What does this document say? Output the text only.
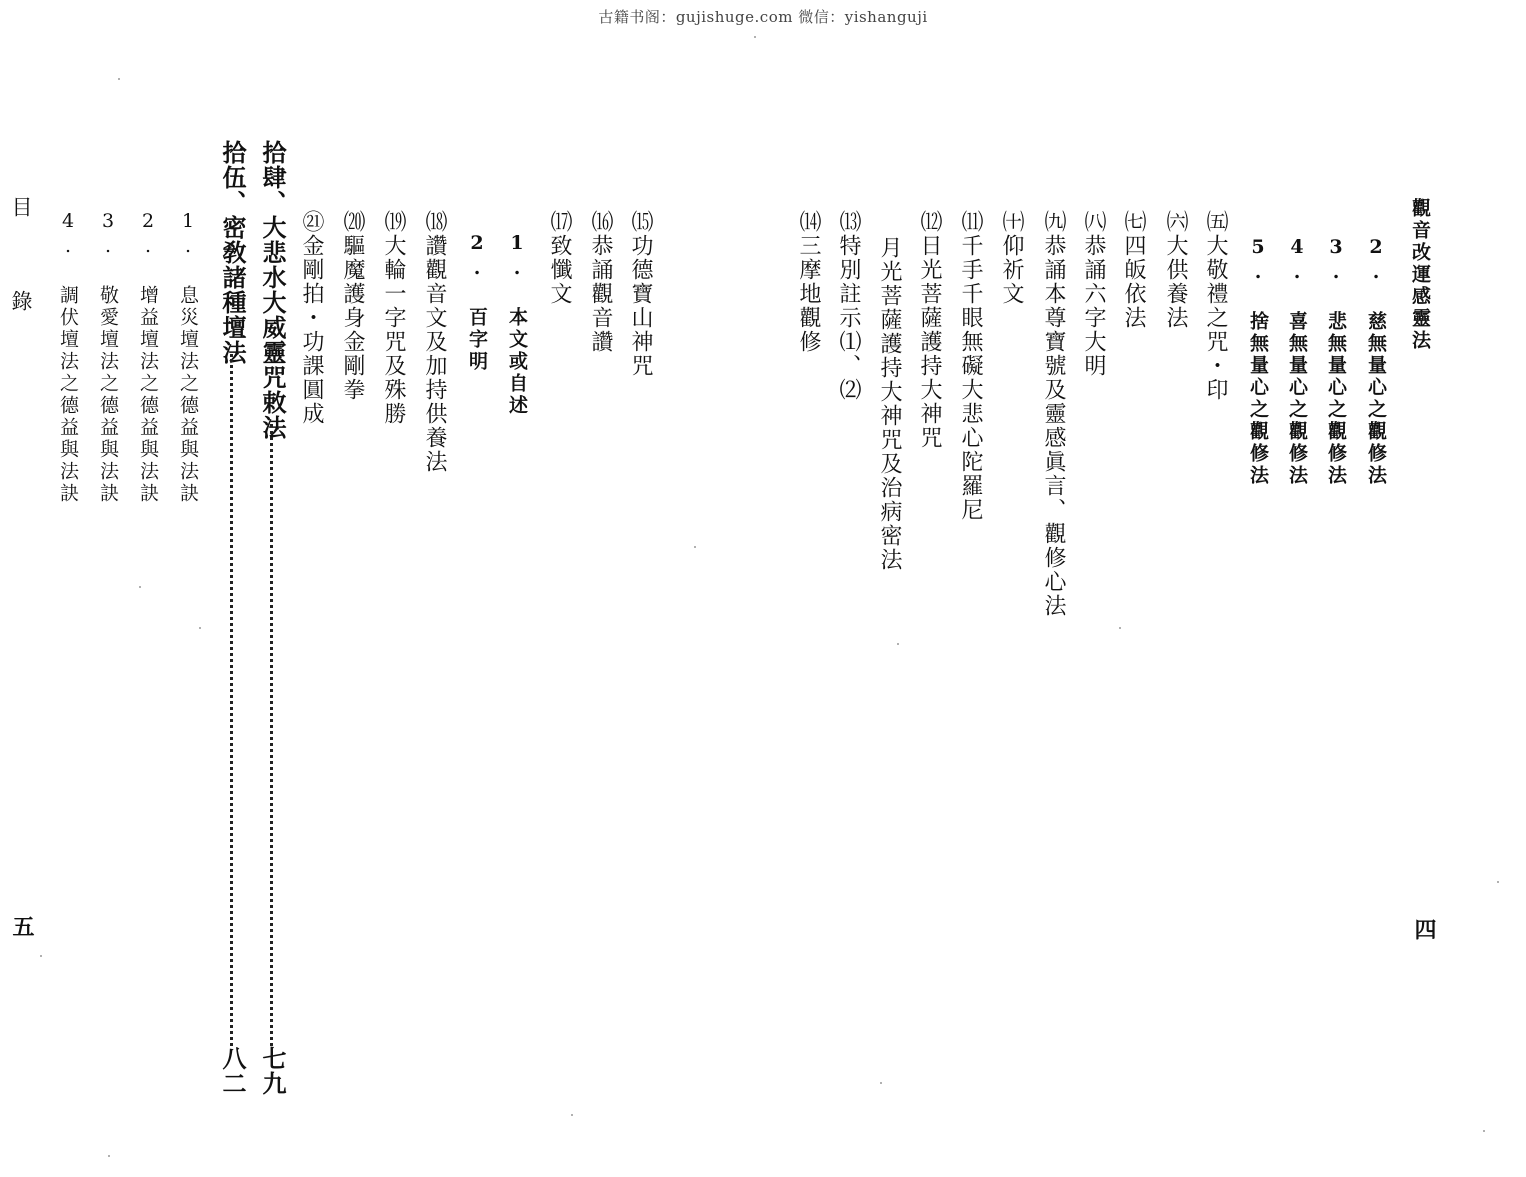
古籍书阁：gujishuge.com 微信：yishanguji
觀音改運感靈法
2. 慈無量心之觀修法
3. 悲無量心之觀修法
4. 喜無量心之觀修法
5. 捨無量心之觀修法
㈤大敬禮之咒・印
㈥大供養法
㈦四皈依法
㈧恭誦六字大明
㈨恭誦本尊寶號及靈感眞言、觀修心法
㈩仰祈文
⑾千手千眼無礙大悲心陀羅尼
⑿日光菩薩護持大神咒
月光菩薩護持大神咒及治病密法
⒀特別註示⑴、⑵
⒁三摩地觀修
四
⒂功德寶山神咒
⒃恭誦觀音讚
⒄致懺文
1. 本文或自述
2. 百字明
⒅讚觀音文及加持供養法
⒆大輪一字咒及殊勝
⒇驅魔護身金剛拳
㉑金剛拍・功課圓成
拾肆、大悲水大威靈咒敕法
七九
拾伍、密敎諸種壇法
八二
1. 息災壇法之德益與法訣
2. 增益壇法之德益與法訣
3. 敬愛壇法之德益與法訣
4. 調伏壇法之德益與法訣
目　錄
五
